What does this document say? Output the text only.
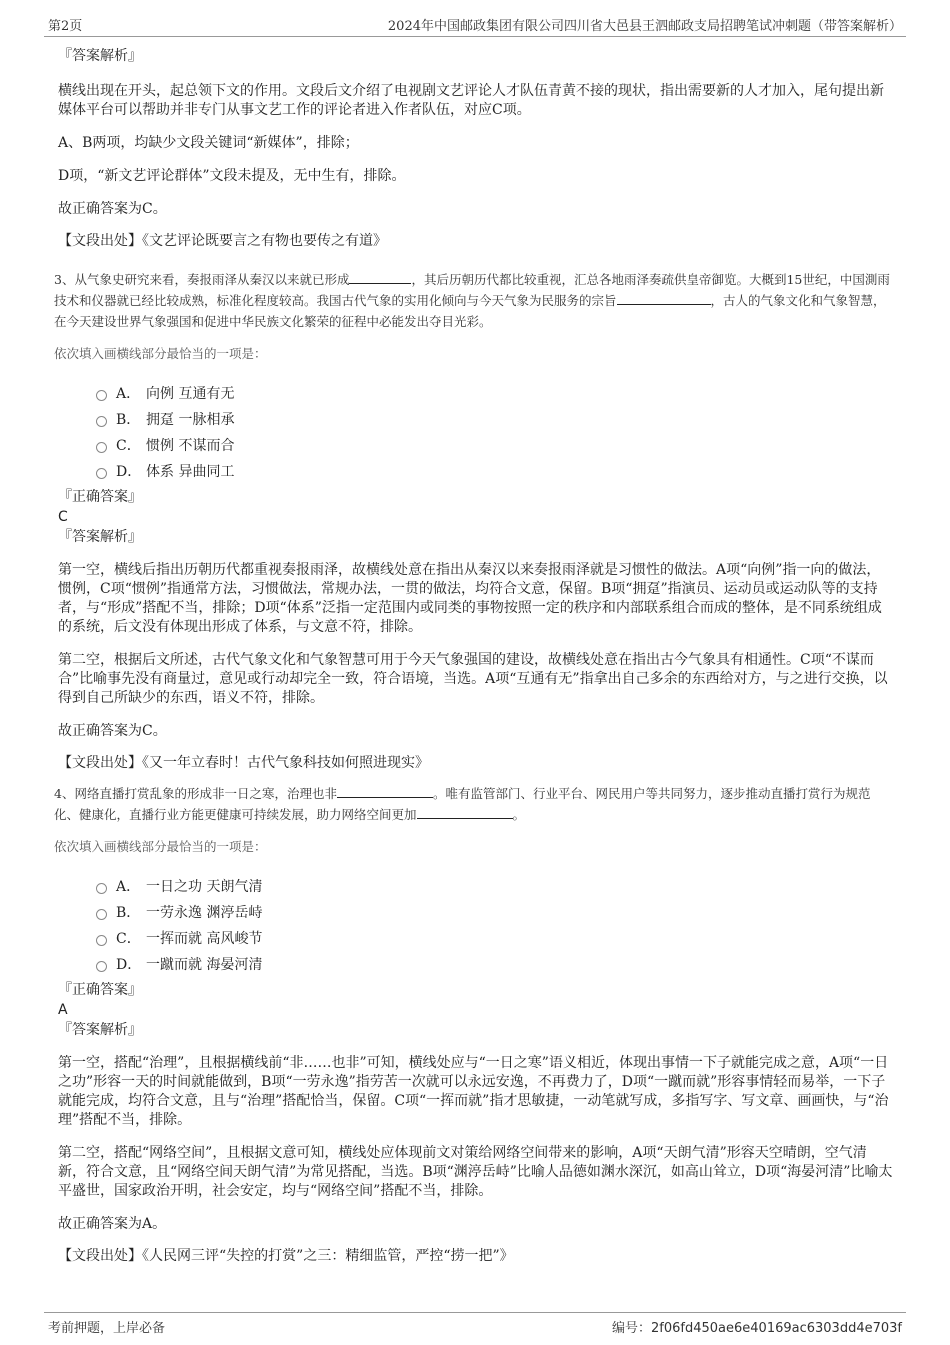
第2页	2024年中国邮政集团有限公司四川省大邑县王泗邮政支局招聘笔试冲刺题（带答案解析）

『答案解析』

横线出现在开头，起总领下文的作用。文段后文介绍了电视剧文艺评论人才队伍青黄不接的现状，指出需要新的人才加入，尾句提出新媒体平台可以帮助并非专门从事文艺工作的评论者进入作者队伍，对应C项。

A、B两项，均缺少文段关键词“新媒体”，排除；

D项，“新文艺评论群体”文段未提及，无中生有，排除。

故正确答案为C。

【文段出处】《文艺评论既要言之有物也要传之有道》

3、从气象史研究来看，奏报雨泽从秦汉以来就已形成	，其后历朝历代都比较重视，汇总各地雨泽奏疏供皇帝御览。大概到15世纪，中国測雨技术和仪器就已经比较成熟，标准化程度较高。我国古代气象的实用化倾向与今天气象为民服务的宗旨	，古人的气象文化和气象智慧，在今天建设世界气象强国和促进中华民族文化繁荣的征程中必能发出夺目光彩。

依次填入画横线部分最恰当的一项是：

A． 向例 互通有无
B． 拥趸 一脉相承
C． 惯例 不谋而合
D． 体系 异曲同工

『正确答案』

C

『答案解析』

第一空，横线后指出历朝历代都重视奏报雨泽，故横线处意在指出从秦汉以来奏报雨泽就是习惯性的做法。A项“向例”指一向的做法，惯例，C项“惯例”指通常方法，习惯做法，常规办法，一贯的做法，均符合文意，保留。B项“拥趸”指演员、运动员或运动队等的支持者，与“形成”搭配不当，排除；D项“体系”泛指一定范围内或同类的事物按照一定的秩序和内部联系组合而成的整体，是不同系统组成的系统，后文没有体现出形成了体系，与文意不符，排除。

第二空，根据后文所述，古代气象文化和气象智慧可用于今天气象强国的建设，故横线处意在指出古今气象具有相通性。C项“不谋而合”比喻事先没有商量过，意见或行动却完全一致，符合语境，当选。A项“互通有无”指拿出自己多余的东西给对方，与之进行交换，以得到自己所缺少的东西，语义不符，排除。

故正确答案为C。

【文段出处】《又一年立春时！古代气象科技如何照进现实》

4、网络直播打赏乱象的形成非一日之寒，治理也非	。唯有监管部门、行业平台、网民用户等共同努力，逐步推动直播打赏行为规范化、健康化，直播行业方能更健康可持续发展，助力网络空间更加	。

依次填入画横线部分最恰当的一项是：

A． 一日之功 天朗气清
B． 一劳永逸 渊渟岳峙
C． 一挥而就 高风峻节
D． 一蹴而就 海晏河清

『正确答案』

A

『答案解析』

第一空，搭配“治理”，且根据横线前“非……也非”可知，横线处应与“一日之寒”语义相近，体现出事情一下子就能完成之意，A项“一日之功”形容一天的时间就能做到，B项“一劳永逸”指劳苦一次就可以永远安逸，不再费力了，D项“一蹴而就”形容事情轻而易举，一下子就能完成，均符合文意，且与“治理”搭配恰当，保留。C项“一挥而就”指才思敏捷，一动笔就写成，多指写字、写文章、画画快，与“治理”搭配不当，排除。

第二空，搭配“网络空间”，且根据文意可知，横线处应体现前文对策给网络空间带来的影响，A项“天朗气清”形容天空晴朗，空气清新，符合文意，且“网络空间天朗气清”为常见搭配，当选。B项“渊渟岳峙”比喻人品德如渊水深沉，如高山耸立，D项“海晏河清”比喻太平盛世，国家政治开明，社会安定，均与“网络空间”搭配不当，排除。

故正确答案为A。

【文段出处】《人民网三评“失控的打赏”之三：精细监管，严控“捞一把”》

考前押题，上岸必备	编号：2f06fd450ae6e40169ac6303dd4e703f
